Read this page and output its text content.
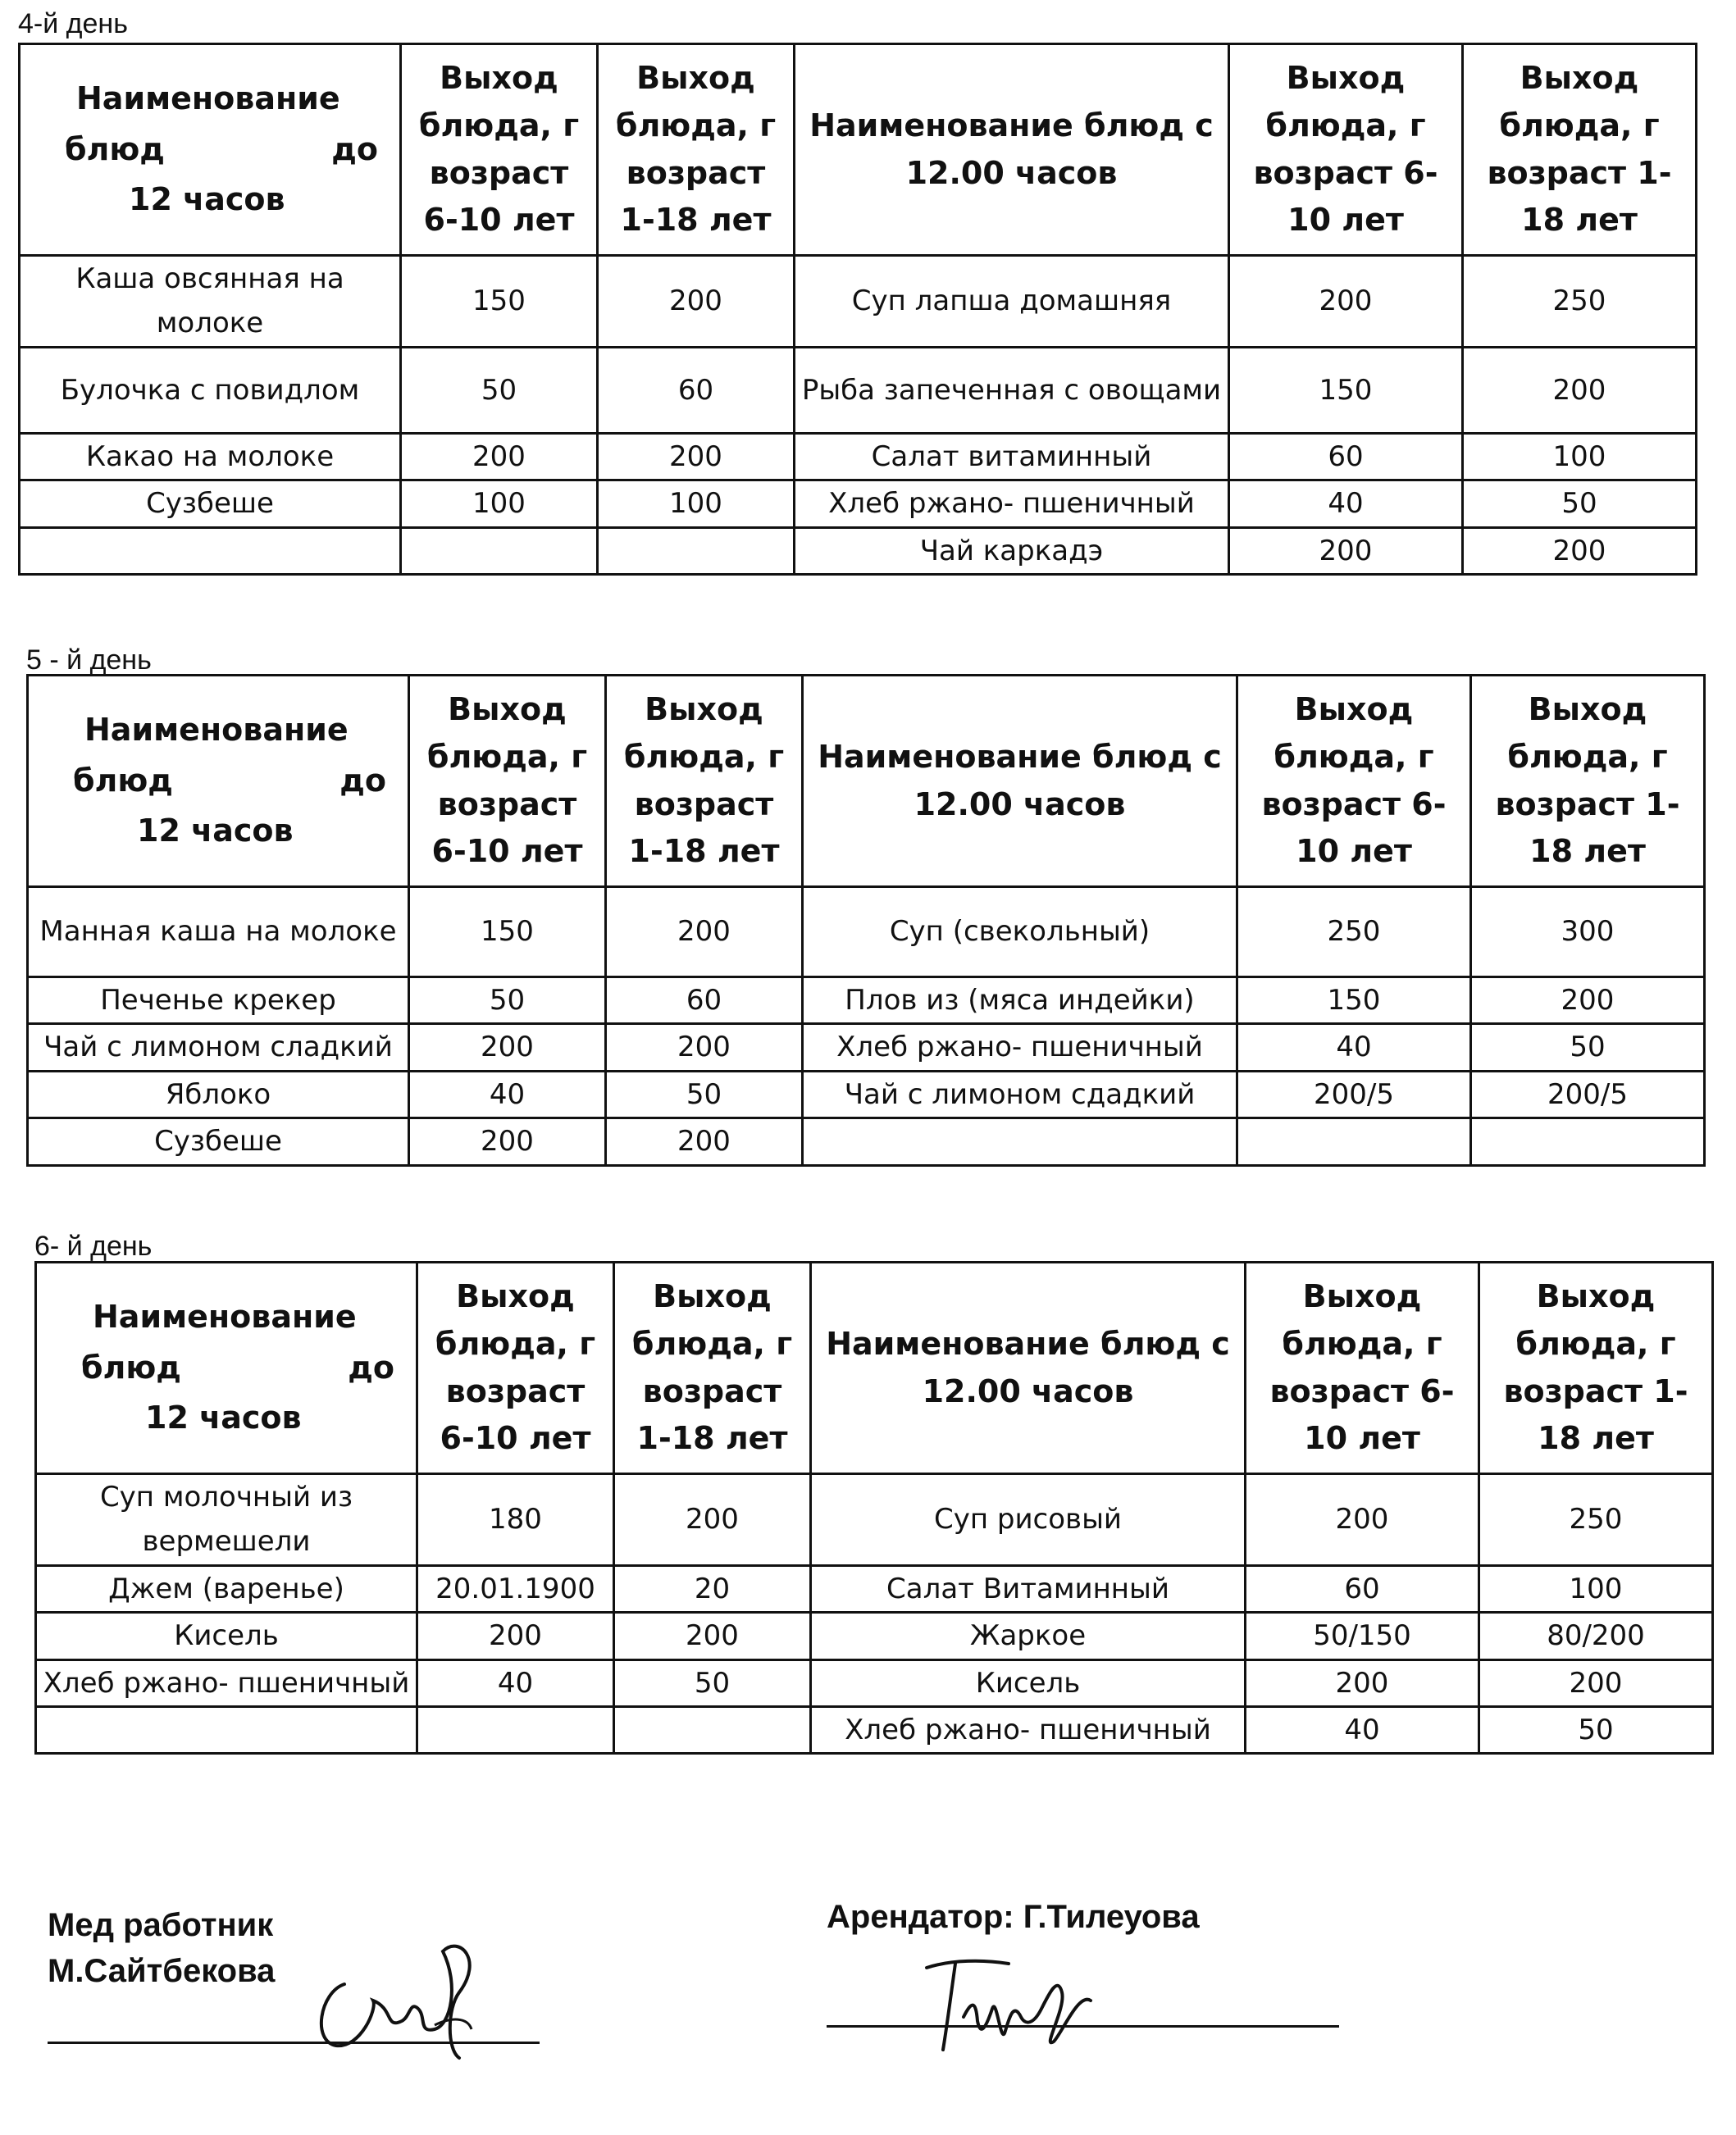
4-й день
Наименование
блюд до
12 часов	Выход блюда, г возраст 6-10 лет	Выход блюда, г возраст 1-18 лет	Наименование блюд с 12.00 часов	Выход блюда, г возраст 6-10 лет	Выход блюда, г возраст 1-18 лет
Каша овсянная на молоке	150	200	Суп лапша домашняя	200	250
Булочка с повидлом	50	60	Рыба запеченная с овощами	150	200
Какао на молоке	200	200	Салат витаминный	60	100
Сузбеше	100	100	Хлеб ржано- пшеничный	40	50
			Чай каркадэ	200	200
5 - й день
Наименование
блюд до
12 часов	Выход блюда, г возраст 6-10 лет	Выход блюда, г возраст 1-18 лет	Наименование блюд с 12.00 часов	Выход блюда, г возраст 6-10 лет	Выход блюда, г возраст 1-18 лет
Манная каша на молоке	150	200	Суп (свекольный)	250	300
Печенье крекер	50	60	Плов из (мяса индейки)	150	200
Чай с лимоном сладкий	200	200	Хлеб ржано- пшеничный	40	50
Яблоко	40	50	Чай с лимоном сдадкий	200/5	200/5
Сузбеше	200	200			
6- й день
Наименование
блюд до
12 часов	Выход блюда, г возраст 6-10 лет	Выход блюда, г возраст 1-18 лет	Наименование блюд с 12.00 часов	Выход блюда, г возраст 6-10 лет	Выход блюда, г возраст 1-18 лет
Суп молочный из вермешели	180	200	Суп рисовый	200	250
Джем (варенье)	20.01.1900	20	Салат Витаминный	60	100
Кисель	200	200	Жаркое	50/150	80/200
Хлеб ржано- пшеничный	40	50	Кисель	200	200
			Хлеб ржано- пшеничный	40	50
Мед работник
М.Сайтбекова
Арендатор: Г.Тилеуова
